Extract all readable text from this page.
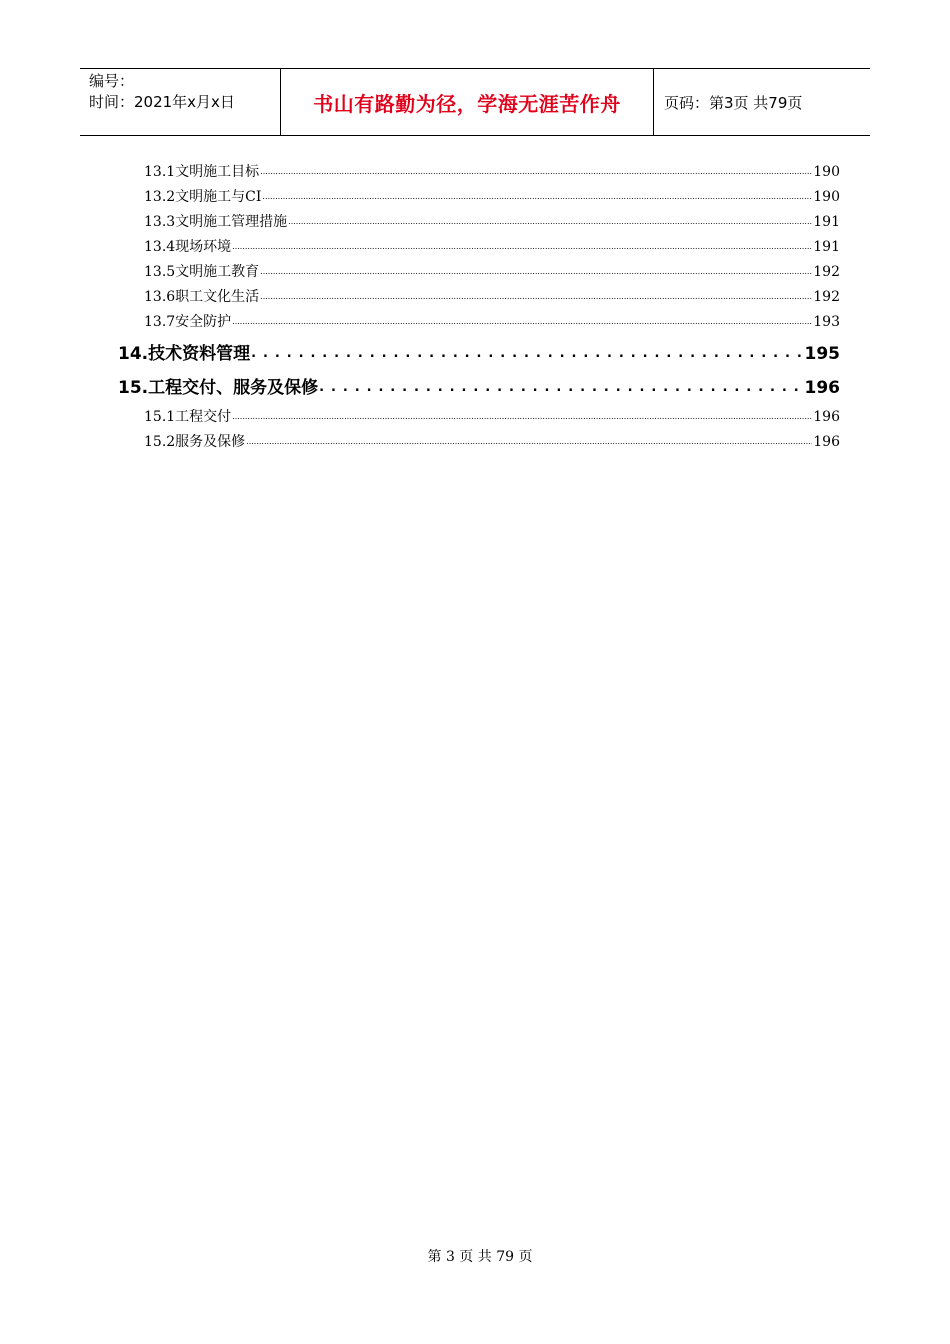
编号：
时间：2021年x月x日	书山有路勤为径，学海无涯苦作舟	页码：第3页 共79页
13.1文明施工目标 .....	190
13.2文明施工与CI .....	190
13.3文明施工管理措施 .....	191
13.4现场环境 .....	191
13.5文明施工教育 .....	192
13.6职工文化生活 .....	192
13.7安全防护 .....	193
14.技术资料管理 . . .	195
15.工程交付、服务及保修 . . .	196
15.1工程交付 .....	196
15.2服务及保修 .....	196
第 3 页 共 79 页
